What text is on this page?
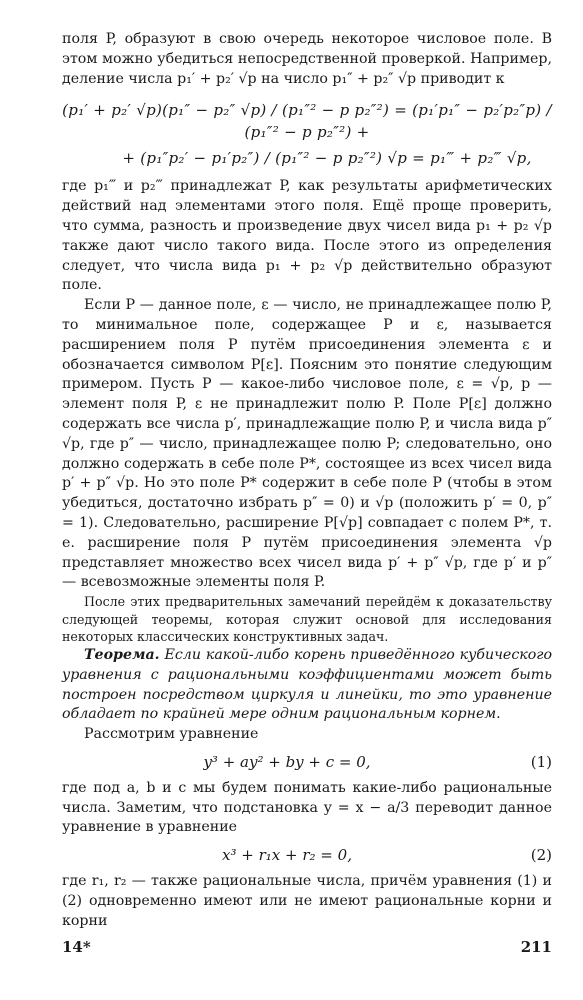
поля P, образуют в свою очередь некоторое числовое поле. В этом можно убедиться непосредственной проверкой. Например, деление числа p₁′ + p₂′ √p на число p₁″ + p₂″ √p приводит к

(p₁′ + p₂′ √p)(p₁″ − p₂″ √p) / (p₁″² − p p₂″²) = (p₁′p₁″ − p₂′p₂″p) / (p₁″² − p p₂″²) +
+ (p₁″p₂′ − p₁′p₂″) / (p₁″² − p p₂″²) √p = p₁‴ + p₂‴ √p,

где p₁‴ и p₂‴ принадлежат P, как результаты арифметических действий над элементами этого поля. Ещё проще проверить, что сумма, разность и произведение двух чисел вида p₁ + p₂ √p также дают число такого вида. После этого из определения следует, что числа вида p₁ + p₂ √p действительно образуют поле.

Если P — данное поле, ε — число, не принадлежащее полю P, то минимальное поле, содержащее P и ε, называется расширением поля P путём присоединения элемента ε и обозначается символом P[ε]. Поясним это понятие следующим примером. Пусть P — какое-либо числовое поле, ε = √p, p — элемент поля P, ε не принадлежит полю P. Поле P[ε] должно содержать все числа p′, принадлежащие полю P, и числа вида p″ √p, где p″ — число, принадлежащее полю P; следовательно, оно должно содержать в себе поле P*, состоящее из всех чисел вида p′ + p″ √p. Но это поле P* содержит в себе поле P (чтобы в этом убедиться, достаточно избрать p″ = 0) и √p (положить p′ = 0, p″ = 1). Следовательно, расширение P[√p] совпадает с полем P*, т. е. расширение поля P путём присоединения элемента √p представляет множество всех чисел вида p′ + p″ √p, где p′ и p″ — всевозможные элементы поля P.

После этих предварительных замечаний перейдём к доказательству следующей теоремы, которая служит основой для исследования некоторых классических конструктивных задач.

Теорема. Если какой-либо корень приведённого кубического уравнения с рациональными коэффициентами может быть построен посредством циркуля и линейки, то это уравнение обладает по крайней мере одним рациональным корнем.

Рассмотрим уравнение

y³ + ay² + by + c = 0,	(1)

где под a, b и c мы будем понимать какие-либо рациональные числа. Заметим, что подстановка y = x − a/3 переводит данное уравнение в уравнение

x³ + r₁x + r₂ = 0,	(2)

где r₁, r₂ — также рациональные числа, причём уравнения (1) и (2) одновременно имеют или не имеют рациональные корни и корни

14*	211
